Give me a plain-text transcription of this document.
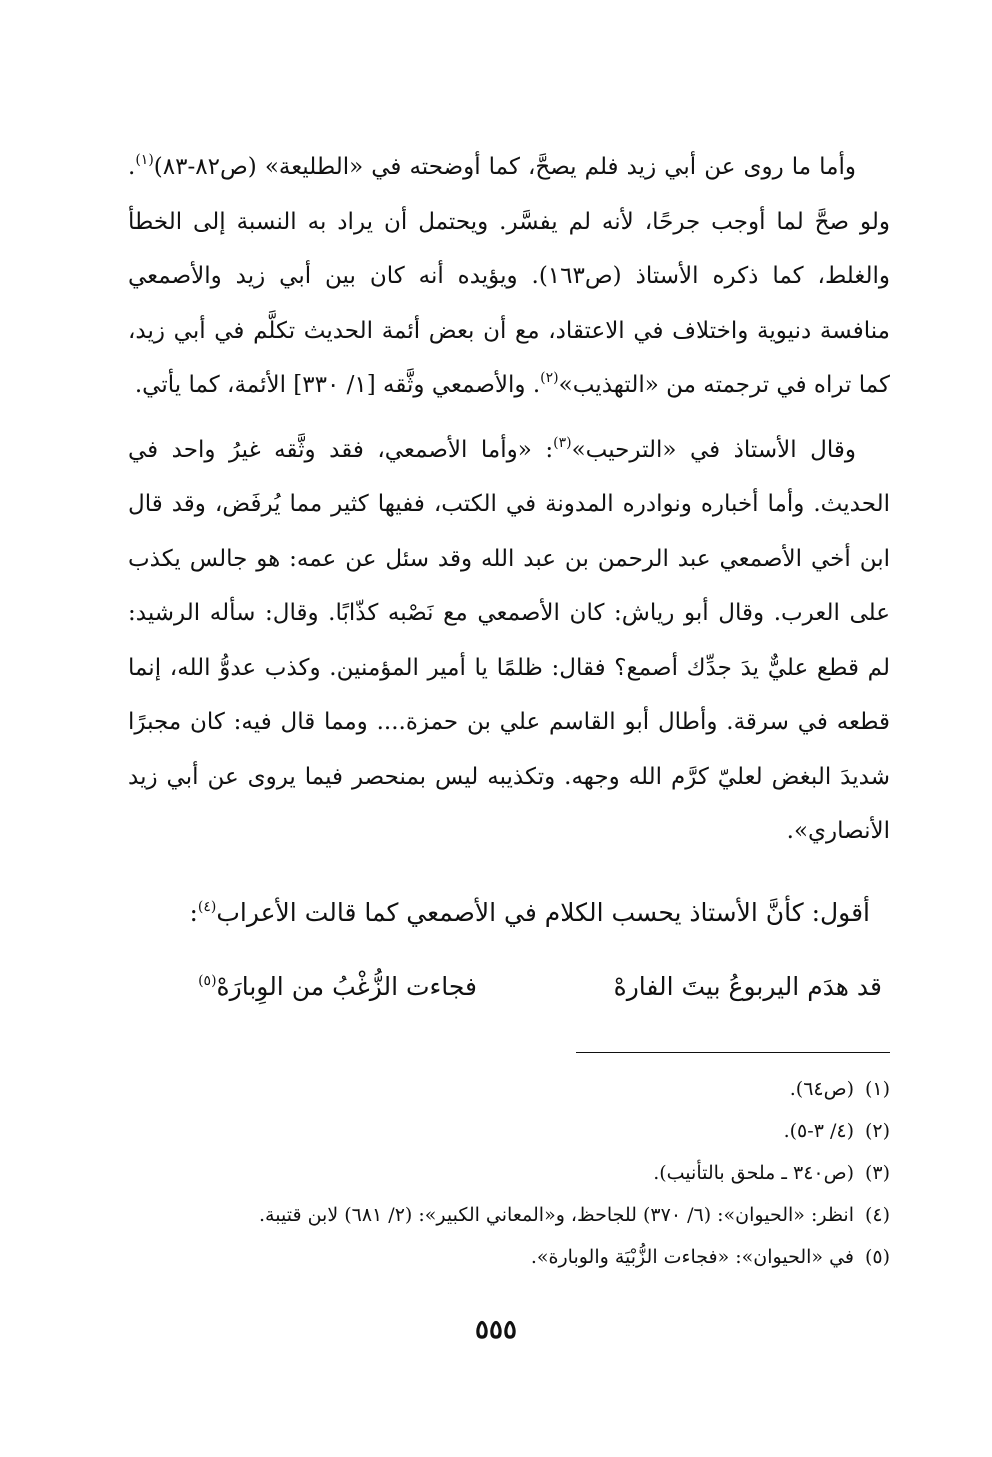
وأما ما روى عن أبي زيد فلم يصحَّ، كما أوضحته في «الطليعة» (ص٨٢-٨٣)$^{(١)}$. ولو صحَّ لما أوجب جرحًا، لأنه لم يفسَّر. ويحتمل أن يراد به النسبة إلى الخطأ والغلط، كما ذكره الأستاذ (ص١٦٣). ويؤيده أنه كان بين أبي زيد والأصمعي منافسة دنيوية واختلاف في الاعتقاد، مع أن بعض أئمة الحديث تكلَّم في أبي زيد، كما تراه في ترجمته من «التهذيب»$^{(٢)}$. والأصمعي وثَّقه [١/ ٣٣٠] الأئمة، كما يأتي.

وقال الأستاذ في «الترحيب»$^{(٣)}$: «وأما الأصمعي، فقد وثَّقه غيرُ واحد في الحديث. وأما أخباره ونوادره المدونة في الكتب، ففيها كثير مما يُرفَض، وقد قال ابن أخي الأصمعي عبد الرحمن بن عبد الله وقد سئل عن عمه: هو جالس يكذب على العرب. وقال أبو رياش: كان الأصمعي مع نَصْبه كذّابًا. وقال: سأله الرشيد: لم قطع عليٌّ يدَ جدِّك أصمع؟ فقال: ظلمًا يا أمير المؤمنين. وكذب عدوُّ الله، إنما قطعه في سرقة. وأطال أبو القاسم علي بن حمزة.... ومما قال فيه: كان مجبرًا شديدَ البغض لعليّ كرَّم الله وجهه. وتكذيبه ليس بمنحصر فيما يروى عن أبي زيد الأنصاري».

أقول: كأنَّ الأستاذ يحسب الكلام في الأصمعي كما قالت الأعراب$^{(٤)}$:
قد هدَم اليربوعُ بيتَ الفارهْ
فجاءت الزُّغْبُ من الوِبارَهْ$^{(٥)}$
(١)(ص٦٤).
(٢)(٤/ ٣-٥).
(٣)(ص٣٤٠ ـ ملحق بالتأنيب).
(٤)انظر: «الحيوان»: (٦/ ٣٧٠) للجاحظ، و«المعاني الكبير»: (٢/ ٦٨١) لابن قتيبة.
(٥)في «الحيوان»: «فجاءت الزُّبْيَة والوبارة».
٥٥٥
